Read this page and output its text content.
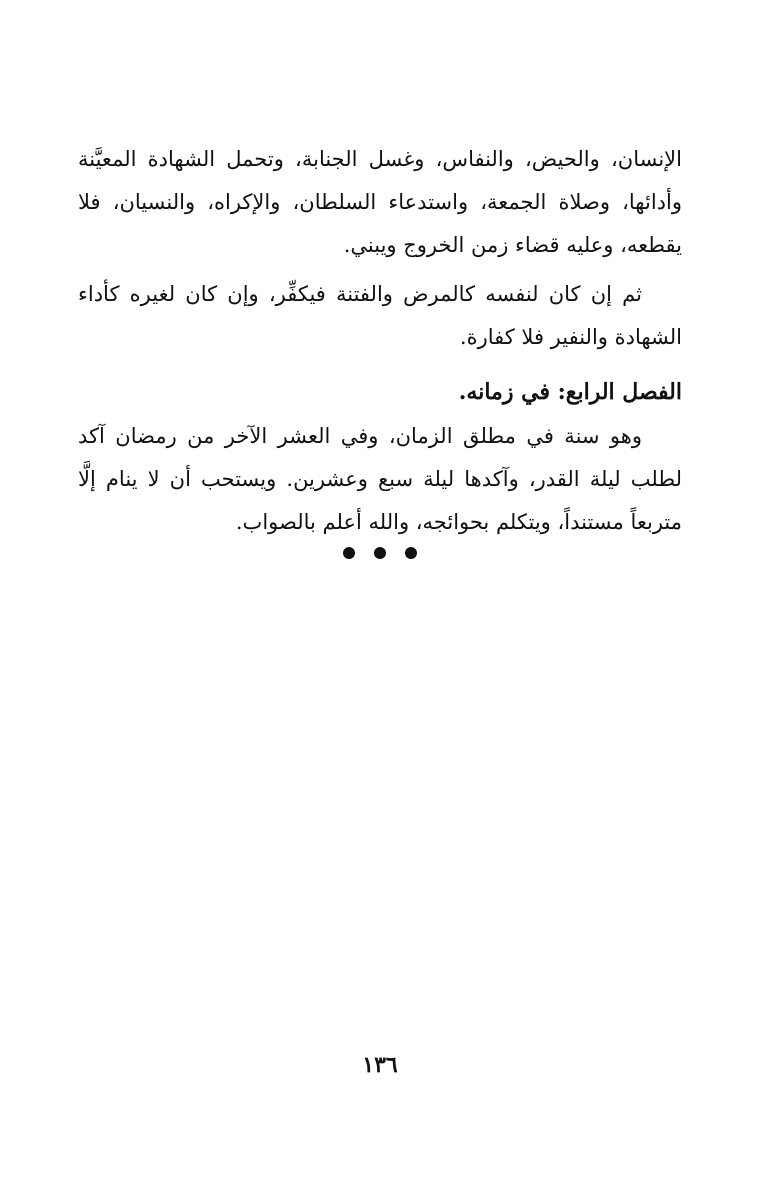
الإنسان، والحيض، والنفاس، وغسل الجنابة، وتحمل الشهادة المعيَّنة وأدائها، وصلاة الجمعة، واستدعاء السلطان، والإكراه، والنسيان، فلا يقطعه، وعليه قضاء زمن الخروج ويبني.

ثم إن كان لنفسه كالمرض والفتنة فيكفِّر، وإن كان لغيره كأداء الشهادة والنفير فلا كفارة.

الفصل الرابع: في زمانه.

وهو سنة في مطلق الزمان، وفي العشر الآخر من رمضان آكد لطلب ليلة القدر، وآكدها ليلة سبع وعشرين. ويستحب أن لا ينام إلَّا متربعاً مستنداً، ويتكلم بحوائجه، والله أعلم بالصواب.

١٣٦
